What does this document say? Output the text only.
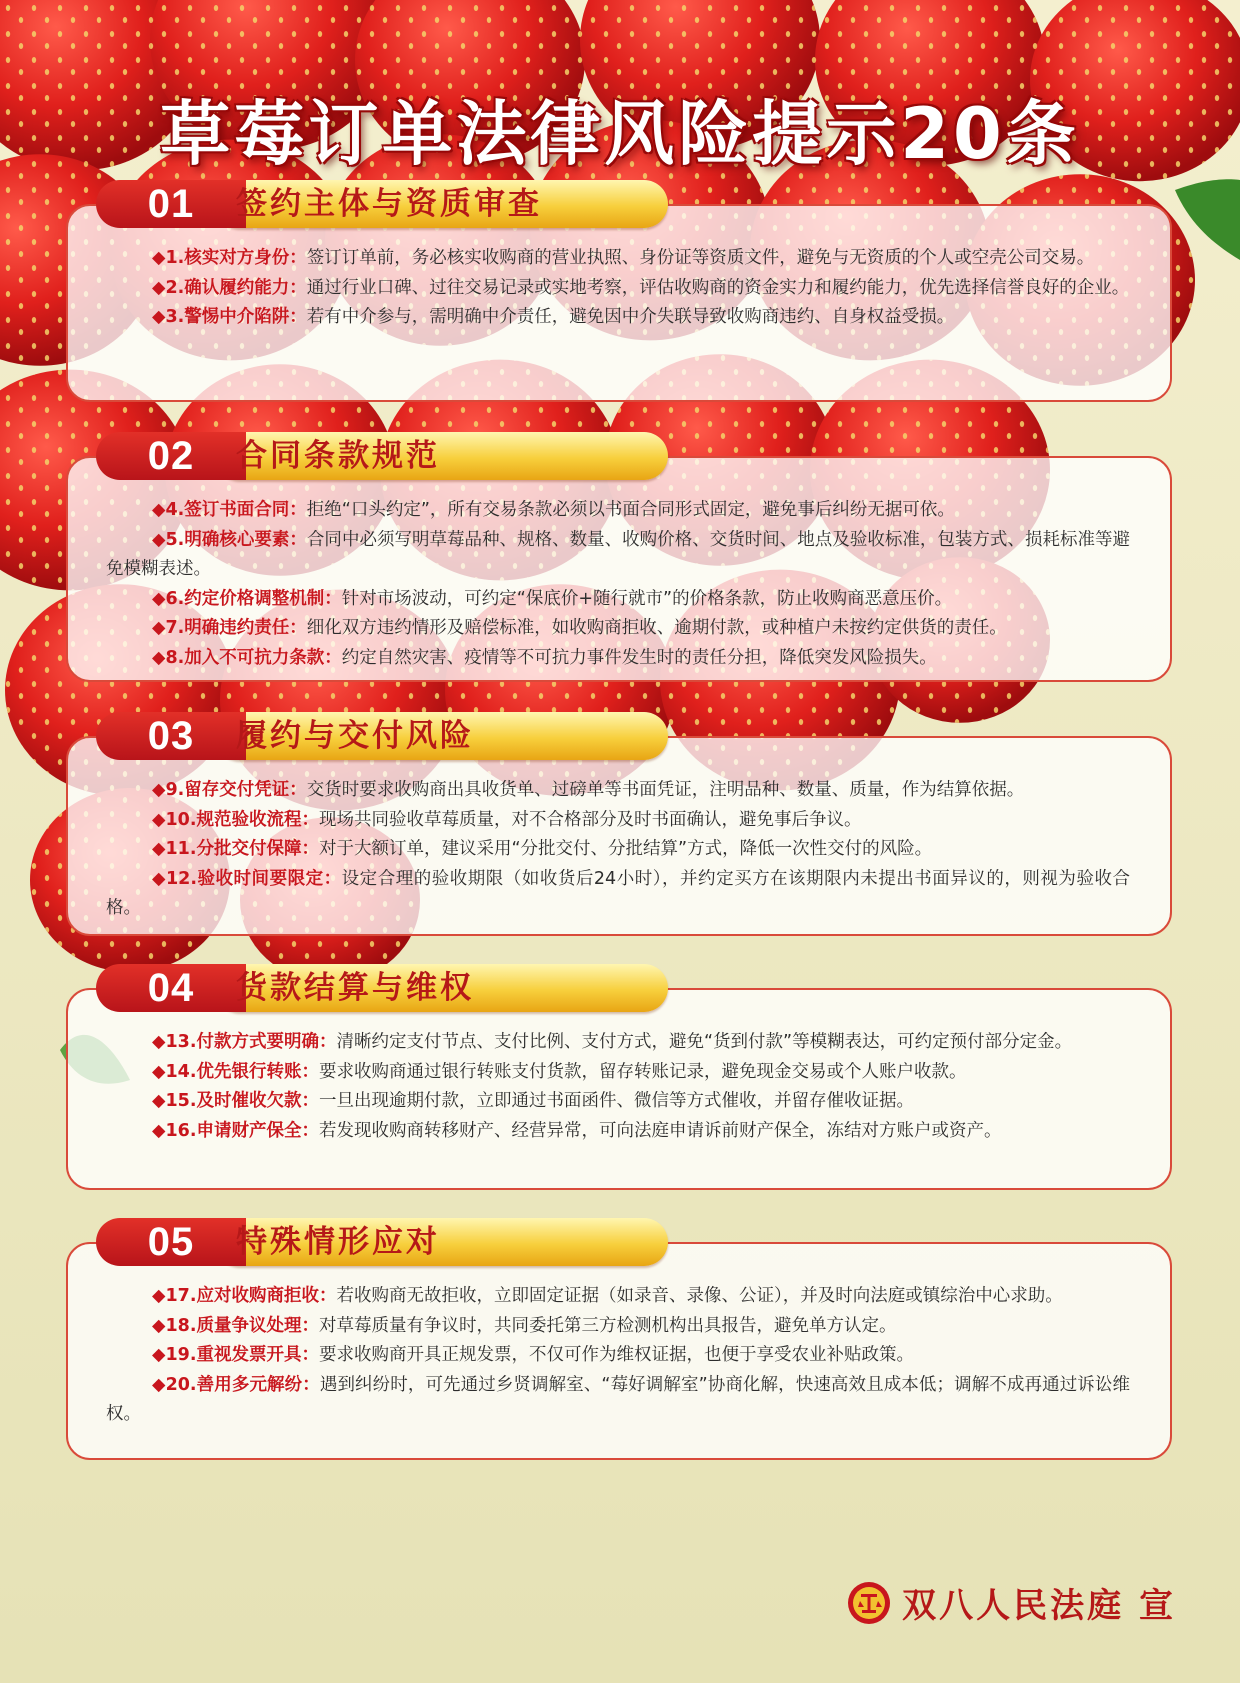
草莓订单法律风险提示20条

◆1.核实对方身份：签订订单前，务必核实收购商的营业执照、身份证等资质文件，避免与无资质的个人或空壳公司交易。

◆2.确认履约能力：通过行业口碑、过往交易记录或实地考察，评估收购商的资金实力和履约能力，优先选择信誉良好的企业。

◆3.警惕中介陷阱：若有中介参与，需明确中介责任，避免因中介失联导致收购商违约、自身权益受损。

01	签约主体与资质审查

◆4.签订书面合同：拒绝“口头约定”，所有交易条款必须以书面合同形式固定，避免事后纠纷无据可依。

◆5.明确核心要素：合同中必须写明草莓品种、规格、数量、收购价格、交货时间、地点及验收标准，包装方式、损耗标准等避免模糊表述。

◆6.约定价格调整机制：针对市场波动，可约定“保底价+随行就市”的价格条款，防止收购商恶意压价。

◆7.明确违约责任：细化双方违约情形及赔偿标准，如收购商拒收、逾期付款，或种植户未按约定供货的责任。

◆8.加入不可抗力条款：约定自然灾害、疫情等不可抗力事件发生时的责任分担，降低突发风险损失。

02	合同条款规范

◆9.留存交付凭证：交货时要求收购商出具收货单、过磅单等书面凭证，注明品种、数量、质量，作为结算依据。

◆10.规范验收流程：现场共同验收草莓质量，对不合格部分及时书面确认，避免事后争议。

◆11.分批交付保障：对于大额订单，建议采用“分批交付、分批结算”方式，降低一次性交付的风险。

◆12.验收时间要限定：设定合理的验收期限（如收货后24小时），并约定买方在该期限内未提出书面异议的，则视为验收合格。

03	履约与交付风险

◆13.付款方式要明确：清晰约定支付节点、支付比例、支付方式，避免“货到付款”等模糊表达，可约定预付部分定金。

◆14.优先银行转账：要求收购商通过银行转账支付货款，留存转账记录，避免现金交易或个人账户收款。

◆15.及时催收欠款：一旦出现逾期付款，立即通过书面函件、微信等方式催收，并留存催收证据。

◆16.申请财产保全：若发现收购商转移财产、经营异常，可向法庭申请诉前财产保全，冻结对方账户或资产。

04	货款结算与维权

◆17.应对收购商拒收：若收购商无故拒收，立即固定证据（如录音、录像、公证），并及时向法庭或镇综治中心求助。

◆18.质量争议处理：对草莓质量有争议时，共同委托第三方检测机构出具报告，避免单方认定。

◆19.重视发票开具：要求收购商开具正规发票，不仅可作为维权证据，也便于享受农业补贴政策。

◆20.善用多元解纷：遇到纠纷时，可先通过乡贤调解室、“莓好调解室”协商化解，快速高效且成本低；调解不成再通过诉讼维权。

05	特殊情形应对
双八人民法庭 宣
